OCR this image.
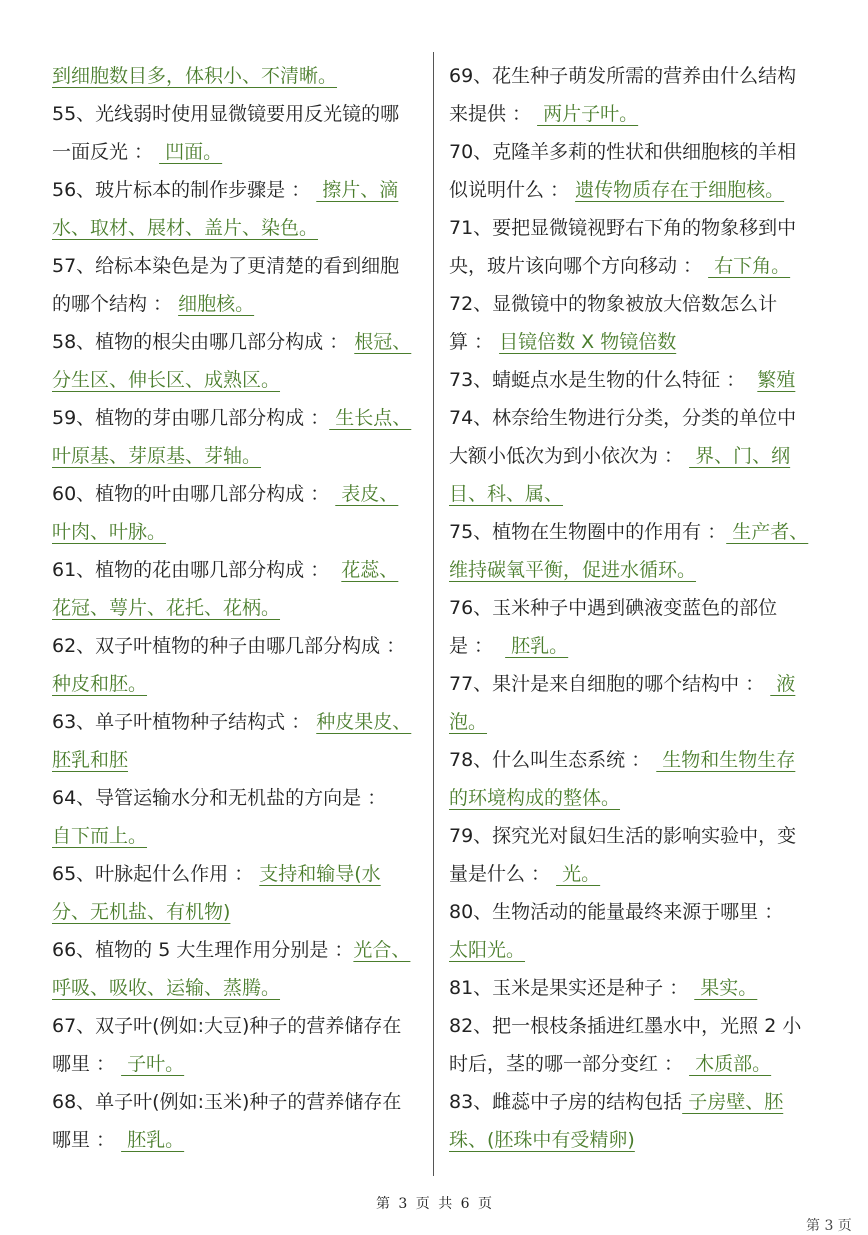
到细胞数目多，体积小、不清晰。
55、光线弱时使用显微镜要用反光镜的哪
一面反光 ：  凹面。
56、玻片标本的制作步骤是 ：  擦片、滴
水、取材、展材、盖片、染色。
57、给标本染色是为了更清楚的看到细胞
的哪个结构 ： 细胞核。
58、植物的根尖由哪几部分构成 ： 根冠、
分生区、伸长区、成熟区。
59、植物的芽由哪几部分构成 ： 生长点、
叶原基、芽原基、芽轴。
60、植物的叶由哪几部分构成 ：  表皮、
叶肉、叶脉。
61、植物的花由哪几部分构成 ：  花蕊、
花冠、萼片、花托、花柄。
62、双子叶植物的种子由哪几部分构成 ：
种皮和胚。
63、单子叶植物种子结构式 ： 种皮果皮、
胚乳和胚
64、导管运输水分和无机盐的方向是 ：
自下而上。
65、叶脉起什么作用 ： 支持和输导(水
分、无机盐、有机物)
66、植物的 5 大生理作用分别是 ：光合、
呼吸、吸收、运输、蒸腾。
67、双子叶(例如:大豆)种子的营养储存在
哪里 ：  子叶。
68、单子叶(例如:玉米)种子的营养储存在
哪里 ：  胚乳。
69、花生种子萌发所需的营养由什么结构
来提供 ：  两片子叶。
70、克隆羊多莉的性状和供细胞核的羊相
似说明什么 ： 遗传物质存在于细胞核。
71、要把显微镜视野右下角的物象移到中
央，玻片该向哪个方向移动 ：  右下角。
72、显微镜中的物象被放大倍数怎么计
算 ： 目镜倍数 X 物镜倍数
73、蜻蜓点水是生物的什么特征 ：  繁殖
74、林奈给生物进行分类，分类的单位中
大额小低次为到小依次为 ：  界、门、纲
目、科、属、
75、植物在生物圈中的作用有 ： 生产者、
维持碳氧平衡，促进水循环。
76、玉米种子中遇到碘液变蓝色的部位
是 ：   胚乳。
77、果汁是来自细胞的哪个结构中 ：  液
泡。
78、什么叫生态系统 ：  生物和生物生存
的环境构成的整体。
79、探究光对鼠妇生活的影响实验中，变
量是什么 ：  光。
80、生物活动的能量最终来源于哪里 ：
太阳光。
81、玉米是果实还是种子 ：  果实。
82、把一根枝条插进红墨水中，光照 2 小
时后，茎的哪一部分变红 ：  木质部。
83、雌蕊中子房的结构包括 子房壁、胚
珠、(胚珠中有受精卵)
第 3 页 共 6 页
第 3 页
